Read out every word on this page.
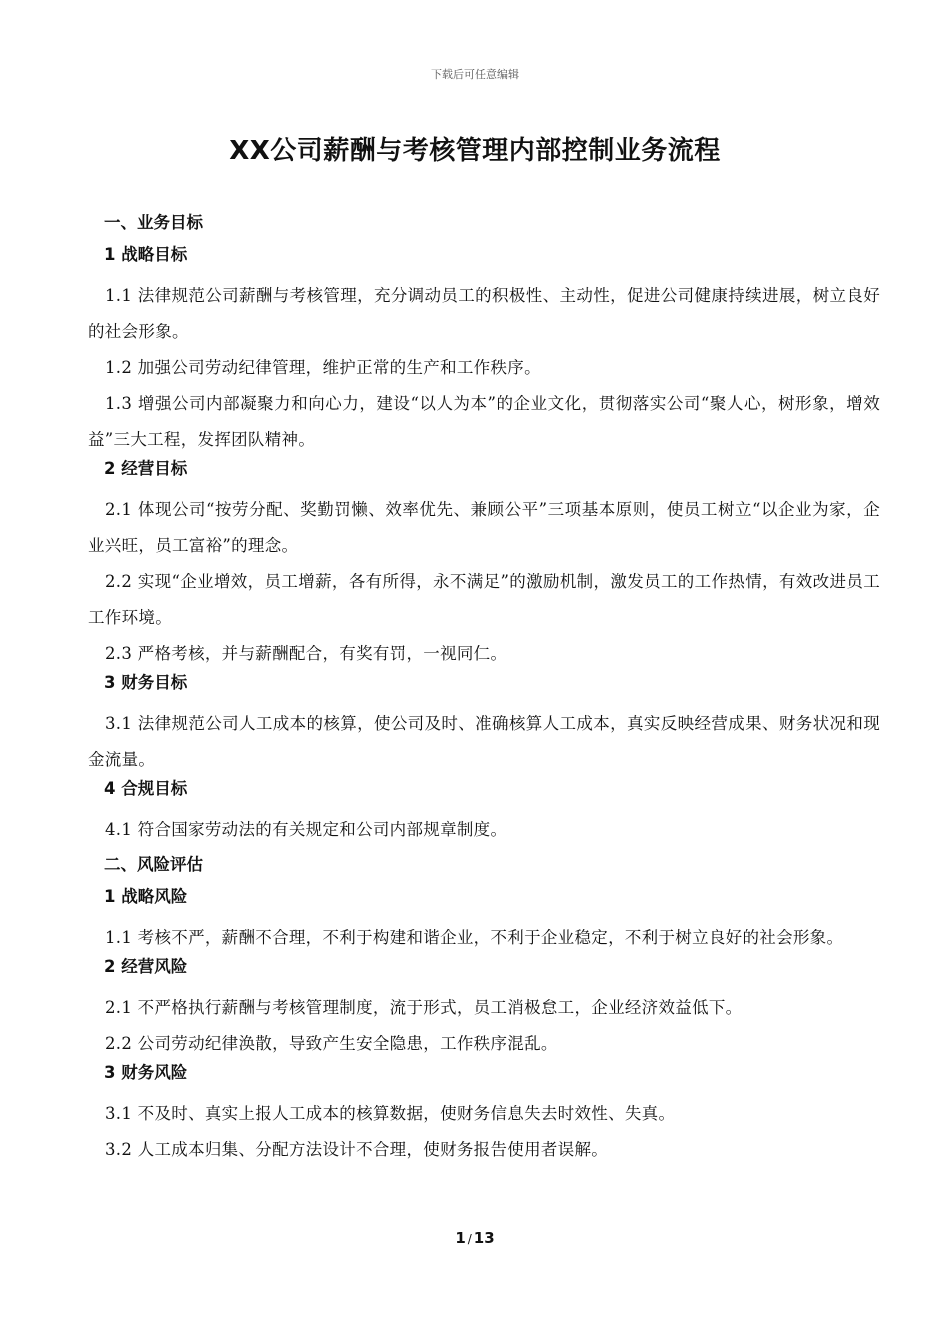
下载后可任意编辑
XX公司薪酬与考核管理内部控制业务流程
一、业务目标
1 战略目标
1.1 法律规范公司薪酬与考核管理，充分调动员工的积极性、主动性，促进公司健康持续进展，树立良好的社会形象。
1.2 加强公司劳动纪律管理，维护正常的生产和工作秩序。
1.3 增强公司内部凝聚力和向心力，建设“以人为本”的企业文化，贯彻落实公司“聚人心，树形象，增效益”三大工程，发挥团队精神。
2 经营目标
2.1 体现公司“按劳分配、奖勤罚懒、效率优先、兼顾公平”三项基本原则，使员工树立“以企业为家，企业兴旺，员工富裕”的理念。
2.2 实现“企业增效，员工增薪，各有所得，永不满足”的激励机制，激发员工的工作热情，有效改进员工工作环境。
2.3 严格考核，并与薪酬配合，有奖有罚，一视同仁。
3 财务目标
3.1 法律规范公司人工成本的核算，使公司及时、准确核算人工成本，真实反映经营成果、财务状况和现金流量。
4 合规目标
4.1 符合国家劳动法的有关规定和公司内部规章制度。
二、风险评估
1 战略风险
1.1 考核不严，薪酬不合理，不利于构建和谐企业，不利于企业稳定，不利于树立良好的社会形象。
2 经营风险
2.1 不严格执行薪酬与考核管理制度，流于形式，员工消极怠工，企业经济效益低下。
2.2 公司劳动纪律涣散，导致产生安全隐患，工作秩序混乱。
3 财务风险
3.1 不及时、真实上报人工成本的核算数据，使财务信息失去时效性、失真。
3.2 人工成本归集、分配方法设计不合理，使财务报告使用者误解。
1 / 13
